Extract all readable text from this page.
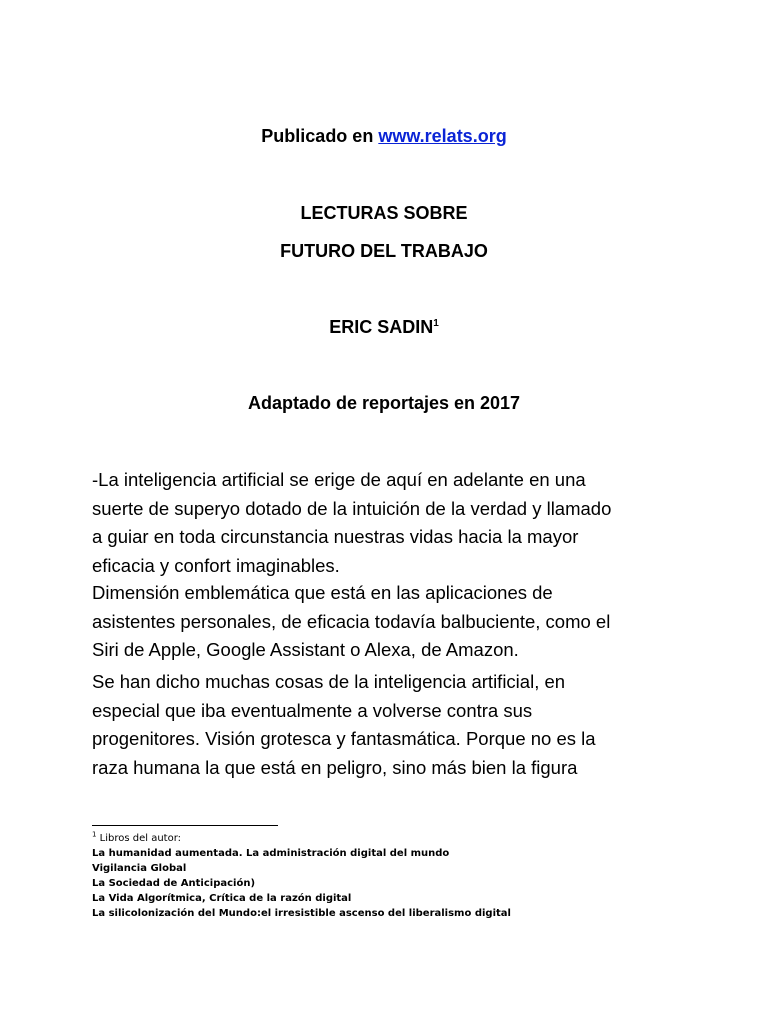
Publicado en www.relats.org
LECTURAS SOBRE
FUTURO DEL TRABAJO
ERIC SADIN$^1$
Adaptado de reportajes en 2017
-La inteligencia artificial se erige de aquí en adelante en una
suerte de superyo dotado de la intuición de la verdad y llamado
a guiar en toda circunstancia nuestras vidas hacia la mayor
eficacia y confort imaginables.
Dimensión emblemática que está en las aplicaciones de
asistentes personales, de eficacia todavía balbuciente, como el
Siri de Apple, Google Assistant o Alexa, de Amazon.
Se han dicho muchas cosas de la inteligencia artificial, en
especial que iba eventualmente a volverse contra sus
progenitores. Visión grotesca y fantasmática. Porque no es la
raza humana la que está en peligro, sino más bien la figura
$^1$ Libros del autor:
La humanidad aumentada. La administración digital del mundo
Vigilancia Global
La Sociedad de Anticipación)
La Vida Algorítmica, Crítica de la razón digital
La silicolonización del Mundo:el irresistible ascenso del liberalismo digital
